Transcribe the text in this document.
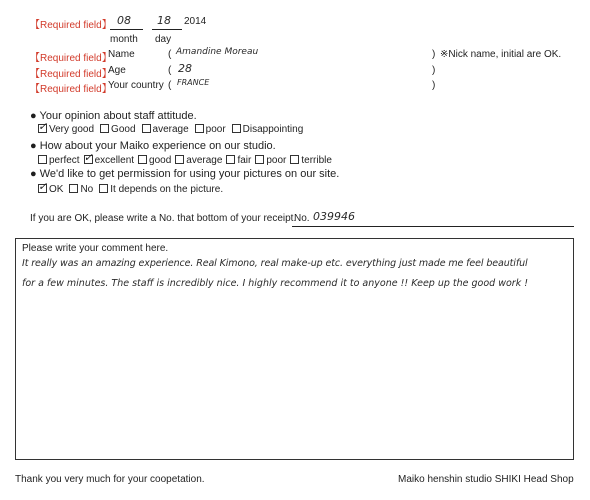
【Required field】 08 18 2014
month day
【Required field】
Name	( Amandine Moreau	) ※Nick name, initial are OK.
【Required field】
Age	( 28	)
【Required field】
Your country ( FRANCE	)
● Your opinion about staff attitude.
✓ Very good Good average poor Disappointing
● How about your Maiko experience on our studio.
perfect ✓ excellent good average fair poor terrible
● We'd like to get permission for using your pictures on our site.
✓ OK No It depends on the picture.
If you are OK, please write a No. that bottom of your receipt.
No. 039946
Please write your comment here.
It really was an amazing experience. Real Kimono, real make-up etc. everything just made me feel beautiful
for a few minutes. The staff is incredibly nice. I highly recommend it to anyone !! Keep up the good work !
Thank you very much for your coopetation.	Maiko henshin studio SHIKI Head Shop
